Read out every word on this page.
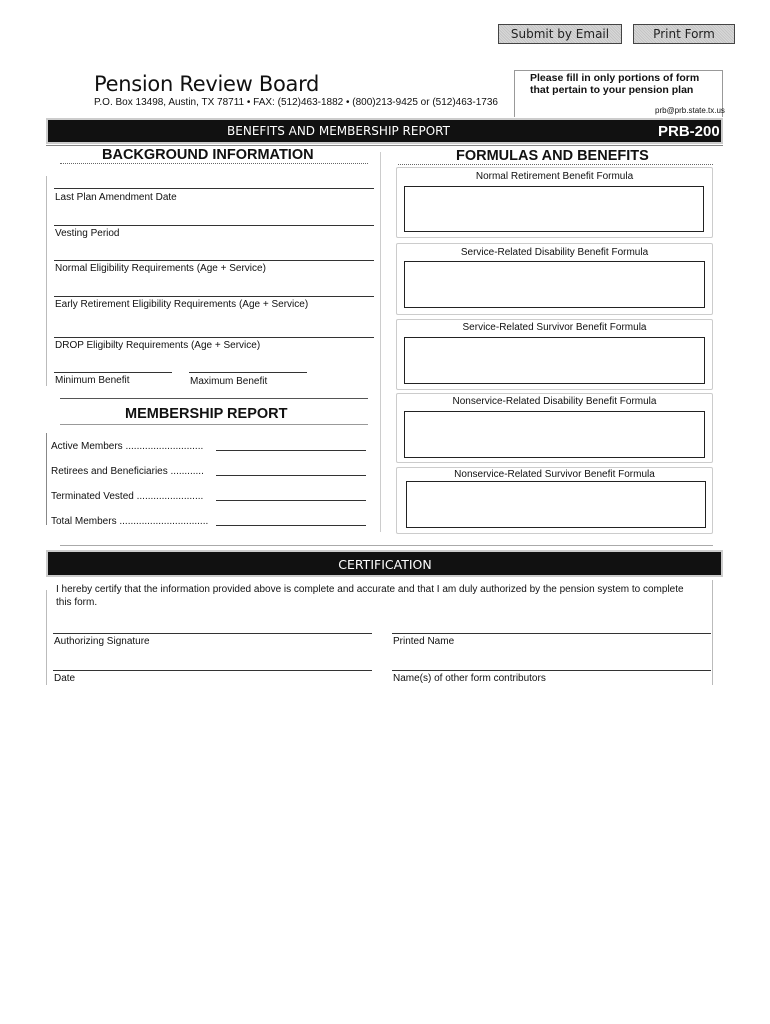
Submit by Email	Print Form
Pension Review Board
P.O. Box 13498, Austin, TX 78711 • FAX: (512)463-1882 • (800)213-9425 or (512)463-1736
Please fill in only portions of form that pertain to your pension plan
prb@prb.state.tx.us
BENEFITS AND MEMBERSHIP REPORT	PRB-200
BACKGROUND INFORMATION
Last Plan Amendment Date
Vesting Period
Normal Eligibility Requirements (Age + Service)
Early Retirement Eligibility Requirements (Age + Service)
DROP Eligibilty Requirements (Age + Service)
Minimum Benefit	Maximum Benefit
MEMBERSHIP REPORT
Active Members ............................
Retirees and Beneficiaries ............
Terminated Vested ........................
Total Members ................................
FORMULAS AND BENEFITS
Normal Retirement Benefit Formula
Service-Related Disability Benefit Formula
Service-Related Survivor Benefit Formula
Nonservice-Related Disability Benefit Formula
Nonservice-Related Survivor Benefit Formula
CERTIFICATION
I hereby certify that the information provided above is complete and accurate and that I am duly authorized by the pension system to complete this form.
Authorizing Signature	Printed Name
Date	Name(s) of other form contributors
